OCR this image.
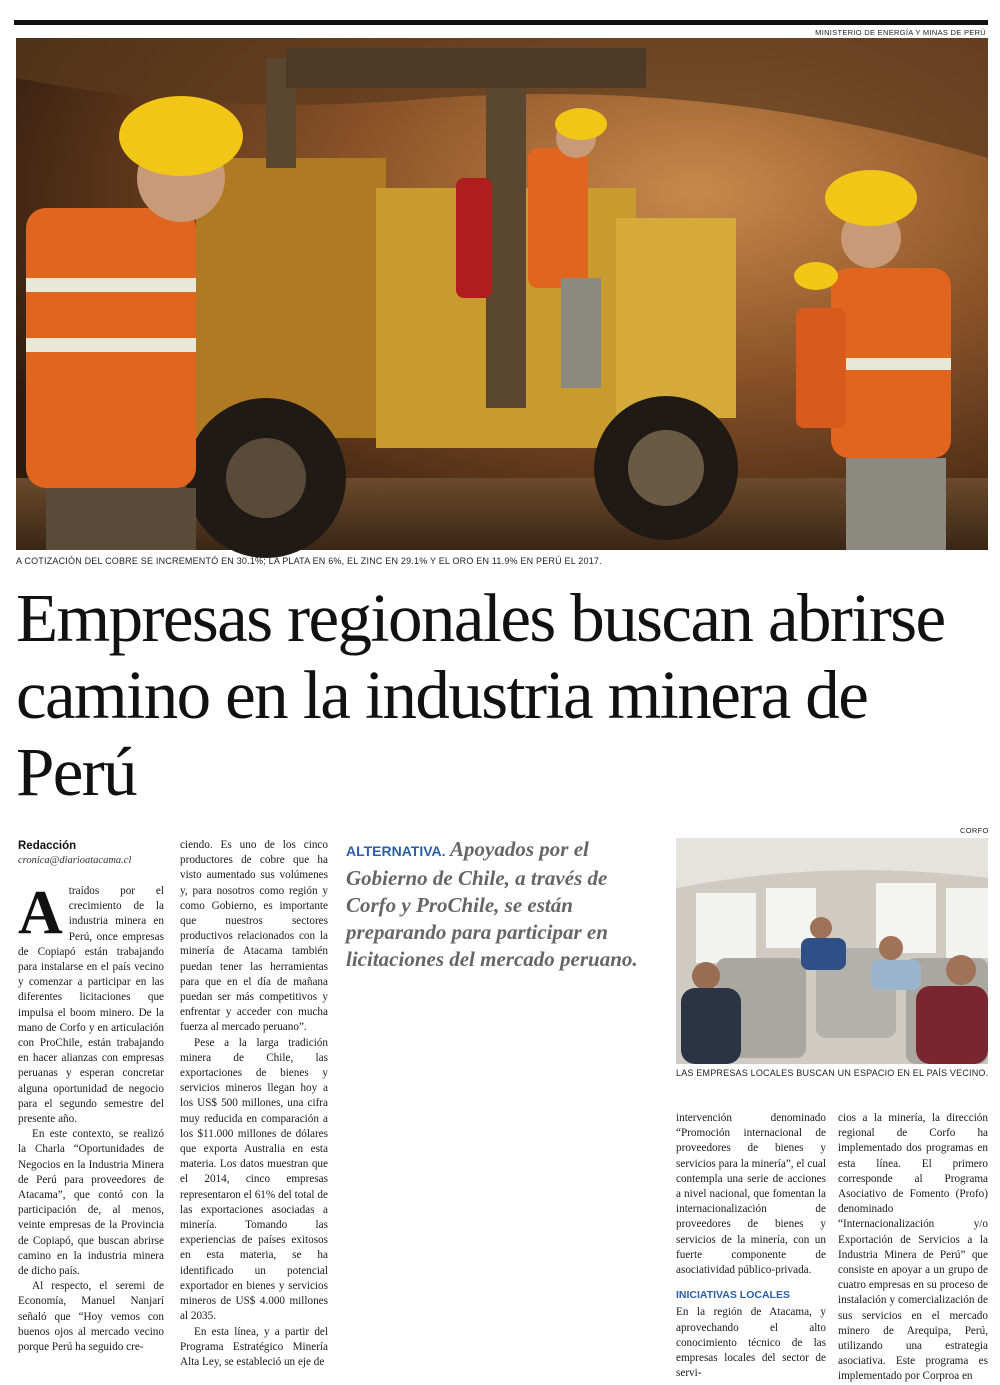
MINISTERIO DE ENERGÍA Y MINAS DE PERÚ
A COTIZACIÓN DEL COBRE SE INCREMENTÓ EN 30.1%; LA PLATA EN 6%, EL ZINC EN 29.1% Y EL ORO EN 11.9% EN PERÚ EL 2017.
Empresas regionales buscan abrirse camino en la industria minera de Perú
Redacción
cronica@diarioatacama.cl

Atraídos por el crecimiento de la industria minera en Perú, once empresas de Copiapó están trabajando para instalarse en el país vecino y comenzar a participar en las diferentes licitaciones que impulsa el boom minero. De la mano de Corfo y en articulación con ProChile, están trabajando en hacer alianzas con empresas peruanas y esperan concretar alguna oportunidad de negocio para el segundo semestre del presente año.

En este contexto, se realizó la Charla “Oportunidades de Negocios en la Industria Minera de Perú para proveedores de Atacama”, que contó con la participación de, al menos, veinte empresas de la Provincia de Copiapó, que buscan abrirse camino en la industria minera de dicho país.

Al respecto, el seremi de Economía, Manuel Nanjarí señaló que “Hoy vemos con buenos ojos al mercado vecino porque Perú ha seguido cre-

ciendo. Es uno de los cinco productores de cobre que ha visto aumentado sus volúmenes y, para nosotros como región y como Gobierno, es importante que nuestros sectores productivos relacionados con la minería de Atacama también puedan tener las herramientas para que en el día de mañana puedan ser más competitivos y enfrentar y acceder con mucha fuerza al mercado peruano”.

Pese a la larga tradición minera de Chile, las exportaciones de bienes y servicios mineros llegan hoy a los US$ 500 millones, una cifra muy reducida en comparación a los $11.000 millones de dólares que exporta Australia en esta materia. Los datos muestran que el 2014, cinco empresas representaron el 61% del total de las exportaciones asociadas a minería. Tomando las experiencias de países exitosos en esta materia, se ha identificado un potencial exportador en bienes y servicios mineros de US$ 4.000 millones al 2035.

En esta línea, y a partir del Programa Estratégico Minería Alta Ley, se estableció un eje de

ALTERNATIVA. Apoyados por el Gobierno de Chile, a través de Corfo y ProChile, se están preparando para participar en licitaciones del mercado peruano.
CORFO
LAS EMPRESAS LOCALES BUSCAN UN ESPACIO EN EL PAÍS VECINO.

intervención denominado “Promoción internacional de proveedores de bienes y servicios para la minería”, el cual contempla una serie de acciones a nivel nacional, que fomentan la internacionalización de proveedores de bienes y servicios de la minería, con un fuerte componente de asociatividad público-privada.

INICIATIVAS LOCALES

En la región de Atacama, y aprovechando el alto conocimiento técnico de las empresas locales del sector de servi-

cios a la minería, la dirección regional de Corfo ha implementado dos programas en esta línea. El primero corresponde al Programa Asociativo de Fomento (Profo) denominado “Internacionalización y/o Exportación de Servicios a la Industria Minera de Perú” que consiste en apoyar a un grupo de cuatro empresas en su proceso de instalación y comercialización de sus servicios en el mercado minero de Arequipa, Perú, utilizando una estrategia asociativa. Este programa es implementado por Corproa en
